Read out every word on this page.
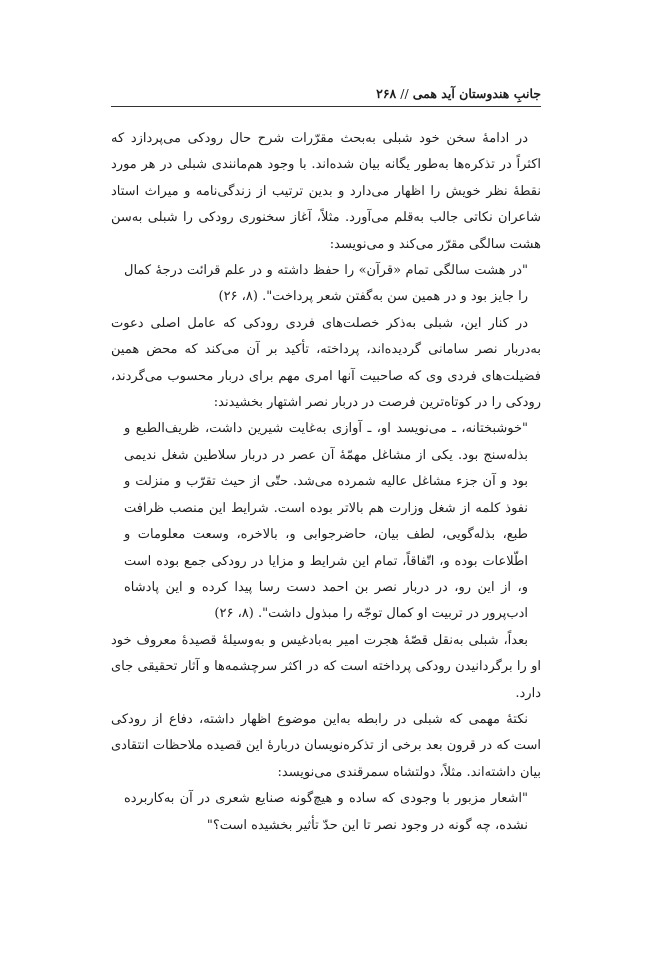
۲۶۸ // جانبِ هندوستان آید همی

در ادامهٔ سخن خود شبلی به‌بحث مقرّرات شرح حال رودکی می‌پردازد که اکثراً در تذکره‌ها به‌طور یگانه بیان شده‌اند. با وجود هم‌مانندی شبلی در هر مورد نقطهٔ نظر خویش را اظهار می‌دارد و بدین ترتیب از زندگی‌نامه و میراث استاد شاعران نکاتی جالب به‌قلم می‌آورد. مثلاً، آغاز سخنوری رودکی را شبلی به‌سن هشت سالگی مقرّر می‌کند و می‌نویسد:

"در هشت سالگی تمام «قرآن» را حفظ داشته و در علم قرائت درجهٔ کمال را جایز بود و در همین سن به‌گفتن شعر پرداخت". (۸، ۲۶)

در کنار این، شبلی به‌ذکر خصلت‌های فردی رودکی که عامل اصلی دعوت به‌دربار نصر سامانی گردیده‌اند، پرداخته، تأکید بر آن می‌کند که محض همین فضیلت‌های فردی وی که صاحبیت آنها امری مهم برای دربار محسوب می‌گردند، رودکی را در کوتاه‌ترین فرصت در دربار نصر اشتهار بخشیدند:

"خوشبختانه، ـ می‌نویسد او، ـ آوازی به‌غایت شیرین داشت، ظریف‌الطبع و بذله‌سنج بود. یکی از مشاغل مهمّهٔ آن عصر در دربار سلاطین شغل ندیمی بود و آن جزء مشاغل عالیه شمرده می‌شد. حتّی از حیث تقرّب و منزلت و نفوذ کلمه از شغل وزارت هم بالاتر بوده است. شرایط این منصب ظرافت طبع، بذله‌گویی، لطف بیان، حاضرجوابی و، بالاخره، وسعت معلومات و اطّلاعات بوده و، اتّفاقاً، تمام این شرایط و مزایا در رودکی جمع بوده است و، از این رو، در دربار نصر بن احمد دست رسا پیدا کرده و این پادشاه ادب‌پرور در تربیت او کمال توجّه را مبذول داشت". (۸، ۲۶)

بعداً، شبلی به‌نقل قصّهٔ هجرت امیر به‌بادغیس و به‌وسیلهٔ قصیدهٔ معروف خود او را برگردانیدن رودکی پرداخته است که در اکثر سرچشمه‌ها و آثار تحقیقی جای دارد.

نکتهٔ مهمی که شبلی در رابطه به‌این موضوع اظهار داشته، دفاع از رودکی است که در قرون بعد برخی از تذکره‌نویسان دربارهٔ این قصیده ملاحظات انتقادی بیان داشته‌اند. مثلاً، دولتشاه سمرقندی می‌نویسد:

"اشعار مزبور با وجودی که ساده و هیچ‌گونه صنایع شعری در آن به‌کاربرده نشده، چه گونه در وجود نصر تا این حدّ تأثیر بخشیده است؟"
